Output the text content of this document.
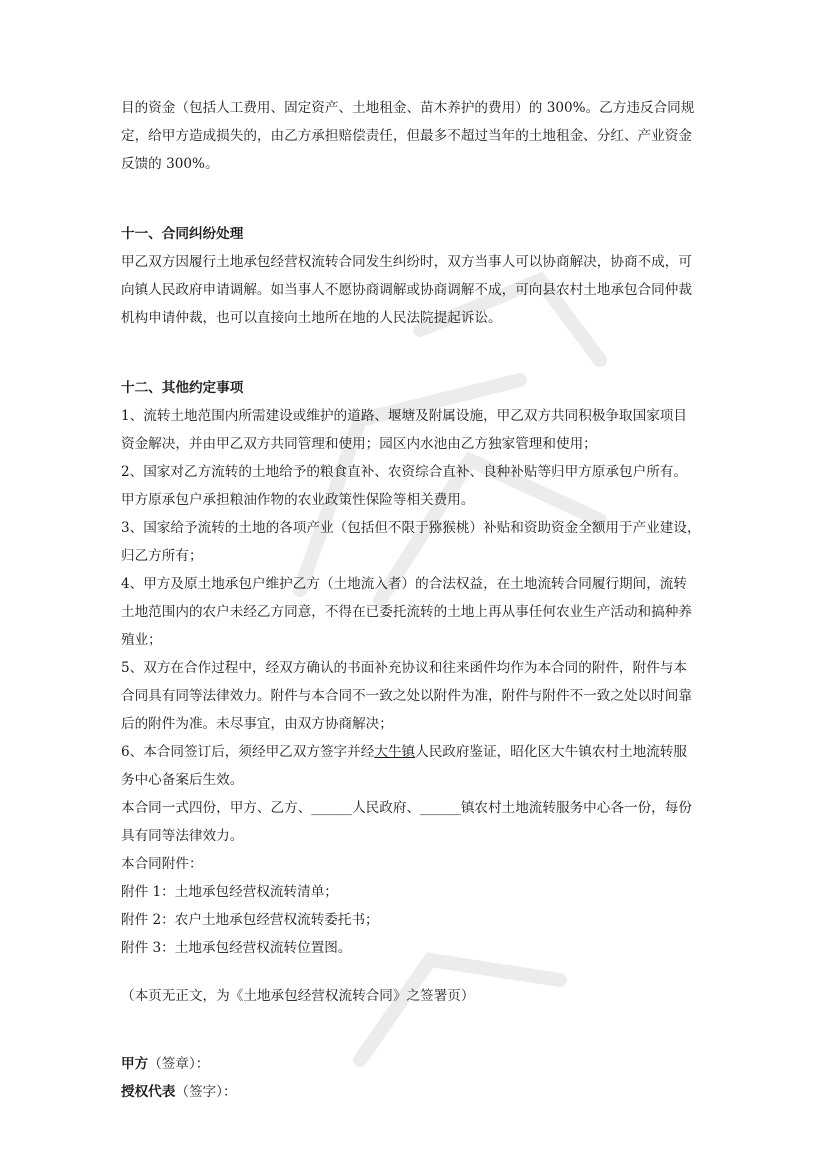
目的资金（包括人工费用、固定资产、土地租金、苗木养护的费用）的 300%。乙方违反合同规

定，给甲方造成损失的，由乙方承担赔偿责任，但最多不超过当年的土地租金、分红、产业资金

反馈的 300%。

十一、合同纠纷处理

甲乙双方因履行土地承包经营权流转合同发生纠纷时，双方当事人可以协商解决，协商不成，可

向镇人民政府申请调解。如当事人不愿协商调解或协商调解不成，可向县农村土地承包合同仲裁

机构申请仲裁，也可以直接向土地所在地的人民法院提起诉讼。

十二、其他约定事项

1、流转土地范围内所需建设或维护的道路、堰塘及附属设施，甲乙双方共同积极争取国家项目

资金解决，并由甲乙双方共同管理和使用；园区内水池由乙方独家管理和使用；

2、国家对乙方流转的土地给予的粮食直补、农资综合直补、良种补贴等归甲方原承包户所有。

甲方原承包户承担粮油作物的农业政策性保险等相关费用。

3、国家给予流转的土地的各项产业（包括但不限于猕猴桃）补贴和资助资金全额用于产业建设，

归乙方所有；

4、甲方及原土地承包户维护乙方（土地流入者）的合法权益，在土地流转合同履行期间，流转

土地范围内的农户未经乙方同意，不得在已委托流转的土地上再从事任何农业生产活动和搞种养

殖业；

5、双方在合作过程中，经双方确认的书面补充协议和往来函件均作为本合同的附件，附件与本

合同具有同等法律效力。附件与本合同不一致之处以附件为准，附件与附件不一致之处以时间靠

后的附件为准。未尽事宜，由双方协商解决；

6、本合同签订后，须经甲乙双方签字并经大牛镇人民政府鉴证，昭化区大牛镇农村土地流转服

务中心备案后生效。

本合同一式四份，甲方、乙方、______人民政府、______镇农村土地流转服务中心各一份，每份

具有同等法律效力。

本合同附件：

附件 1：土地承包经营权流转清单；

附件 2：农户土地承包经营权流转委托书；

附件 3：土地承包经营权流转位置图。

（本页无正文，为《土地承包经营权流转合同》之签署页）

甲方（签章）：

授权代表（签字）：
